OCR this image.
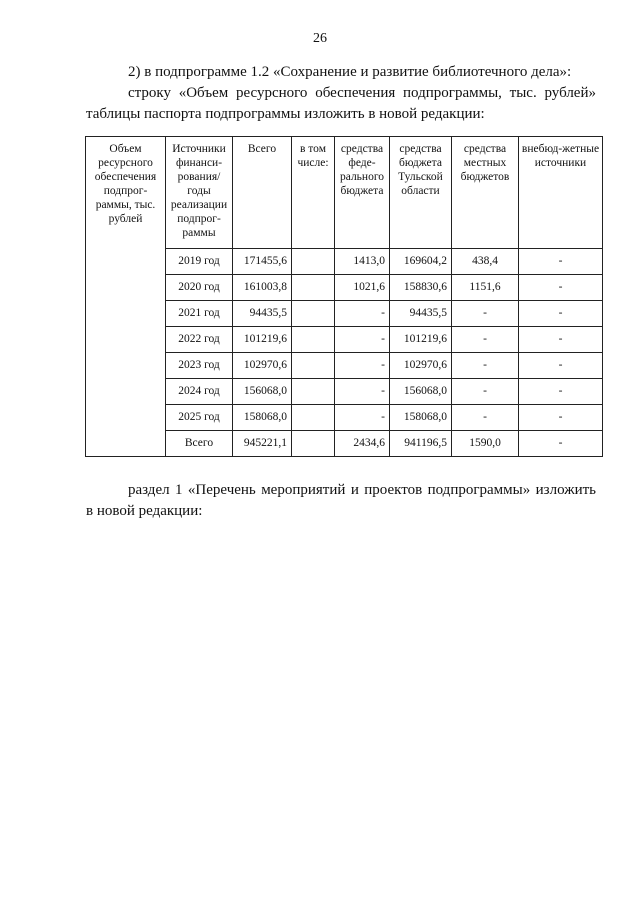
26
2) в подпрограмме 1.2 «Сохранение и развитие библиотечного дела»:
строку «Объем ресурсного обеспечения подпрограммы, тыс. рублей»
таблицы паспорта подпрограммы изложить в новой редакции:
Объем ресурсного обеспечения подпрог-раммы, тыс. рублей	Источники финанси-рования/ годы реализации подпрог-раммы	Всего	в том числе:	средства феде-рального бюджета	средства бюджета Тульской области	средства местных бюджетов	внебюд-жетные источники
	2019 год	171455,6		1413,0	169604,2	438,4	-
	2020 год	161003,8		1021,6	158830,6	1151,6	-
	2021 год	94435,5		-	94435,5	-	-
	2022 год	101219,6		-	101219,6	-	-
	2023 год	102970,6		-	102970,6	-	-
	2024 год	156068,0		-	156068,0	-	-
	2025 год	158068,0		-	158068,0	-	-
	Всего	945221,1		2434,6	941196,5	1590,0	-
раздел 1 «Перечень мероприятий и проектов подпрограммы» изложить
в новой редакции:
